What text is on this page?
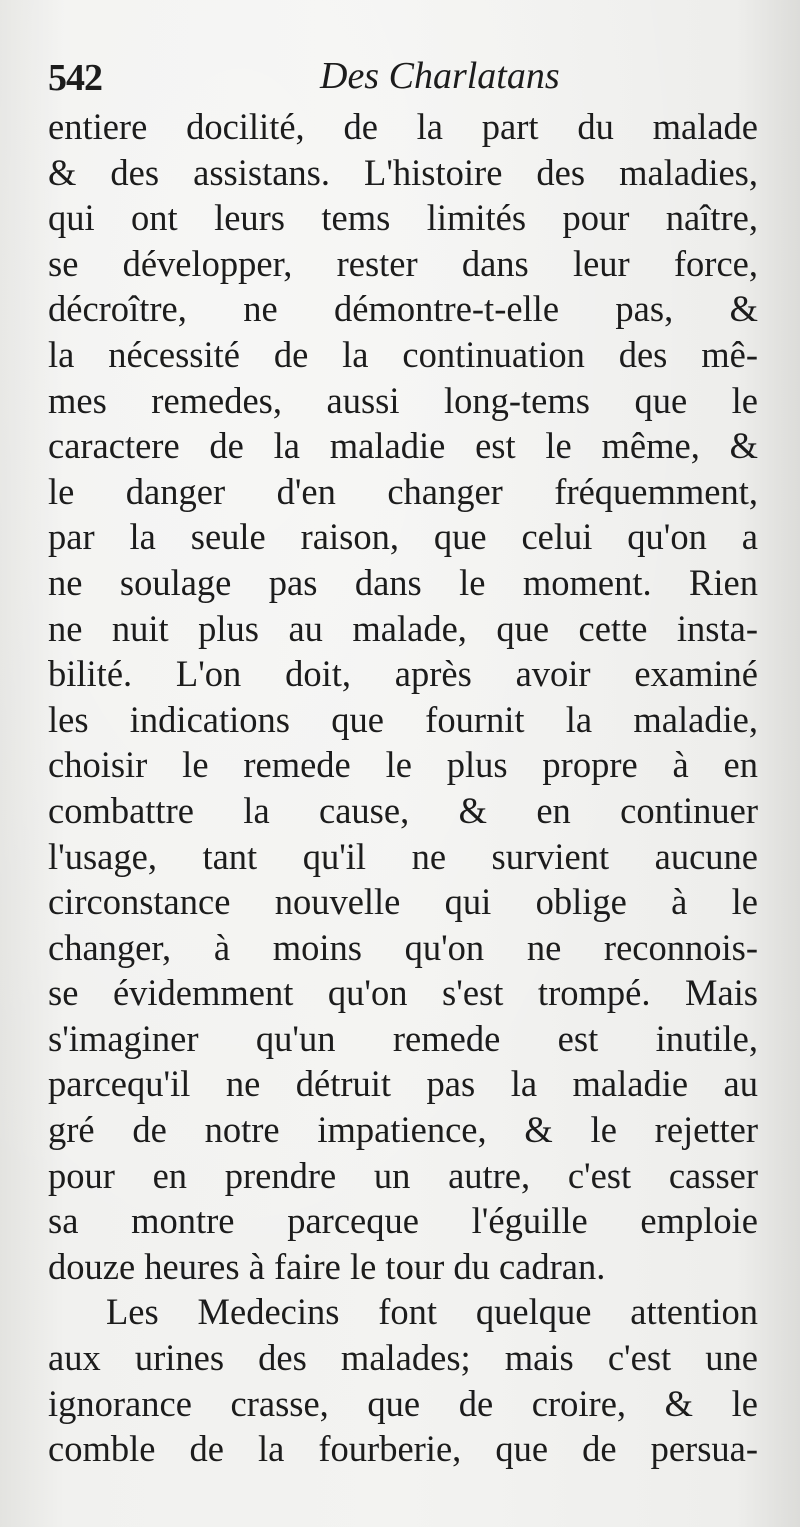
542	Des Charlatans
entiere docilité, de la part du malade
& des assistans. L'histoire des maladies,
qui ont leurs tems limités pour naître,
se développer, rester dans leur force,
décroître, ne démontre-t-elle pas, &
la nécessité de la continuation des mê-
mes remedes, aussi long-tems que le
caractere de la maladie est le même, &
le danger d'en changer fréquemment,
par la seule raison, que celui qu'on a
ne soulage pas dans le moment. Rien
ne nuit plus au malade, que cette insta-
bilité. L'on doit, après avoir examiné
les indications que fournit la maladie,
choisir le remede le plus propre à en
combattre la cause, & en continuer
l'usage, tant qu'il ne survient aucune
circonstance nouvelle qui oblige à le
changer, à moins qu'on ne reconnois-
se évidemment qu'on s'est trompé. Mais
s'imaginer qu'un remede est inutile,
parcequ'il ne détruit pas la maladie au
gré de notre impatience, & le rejetter
pour en prendre un autre, c'est casser
sa montre parceque l'éguille emploie
douze heures à faire le tour du cadran.
Les Medecins font quelque attention
aux urines des malades; mais c'est une
ignorance crasse, que de croire, & le
comble de la fourberie, que de persua-
